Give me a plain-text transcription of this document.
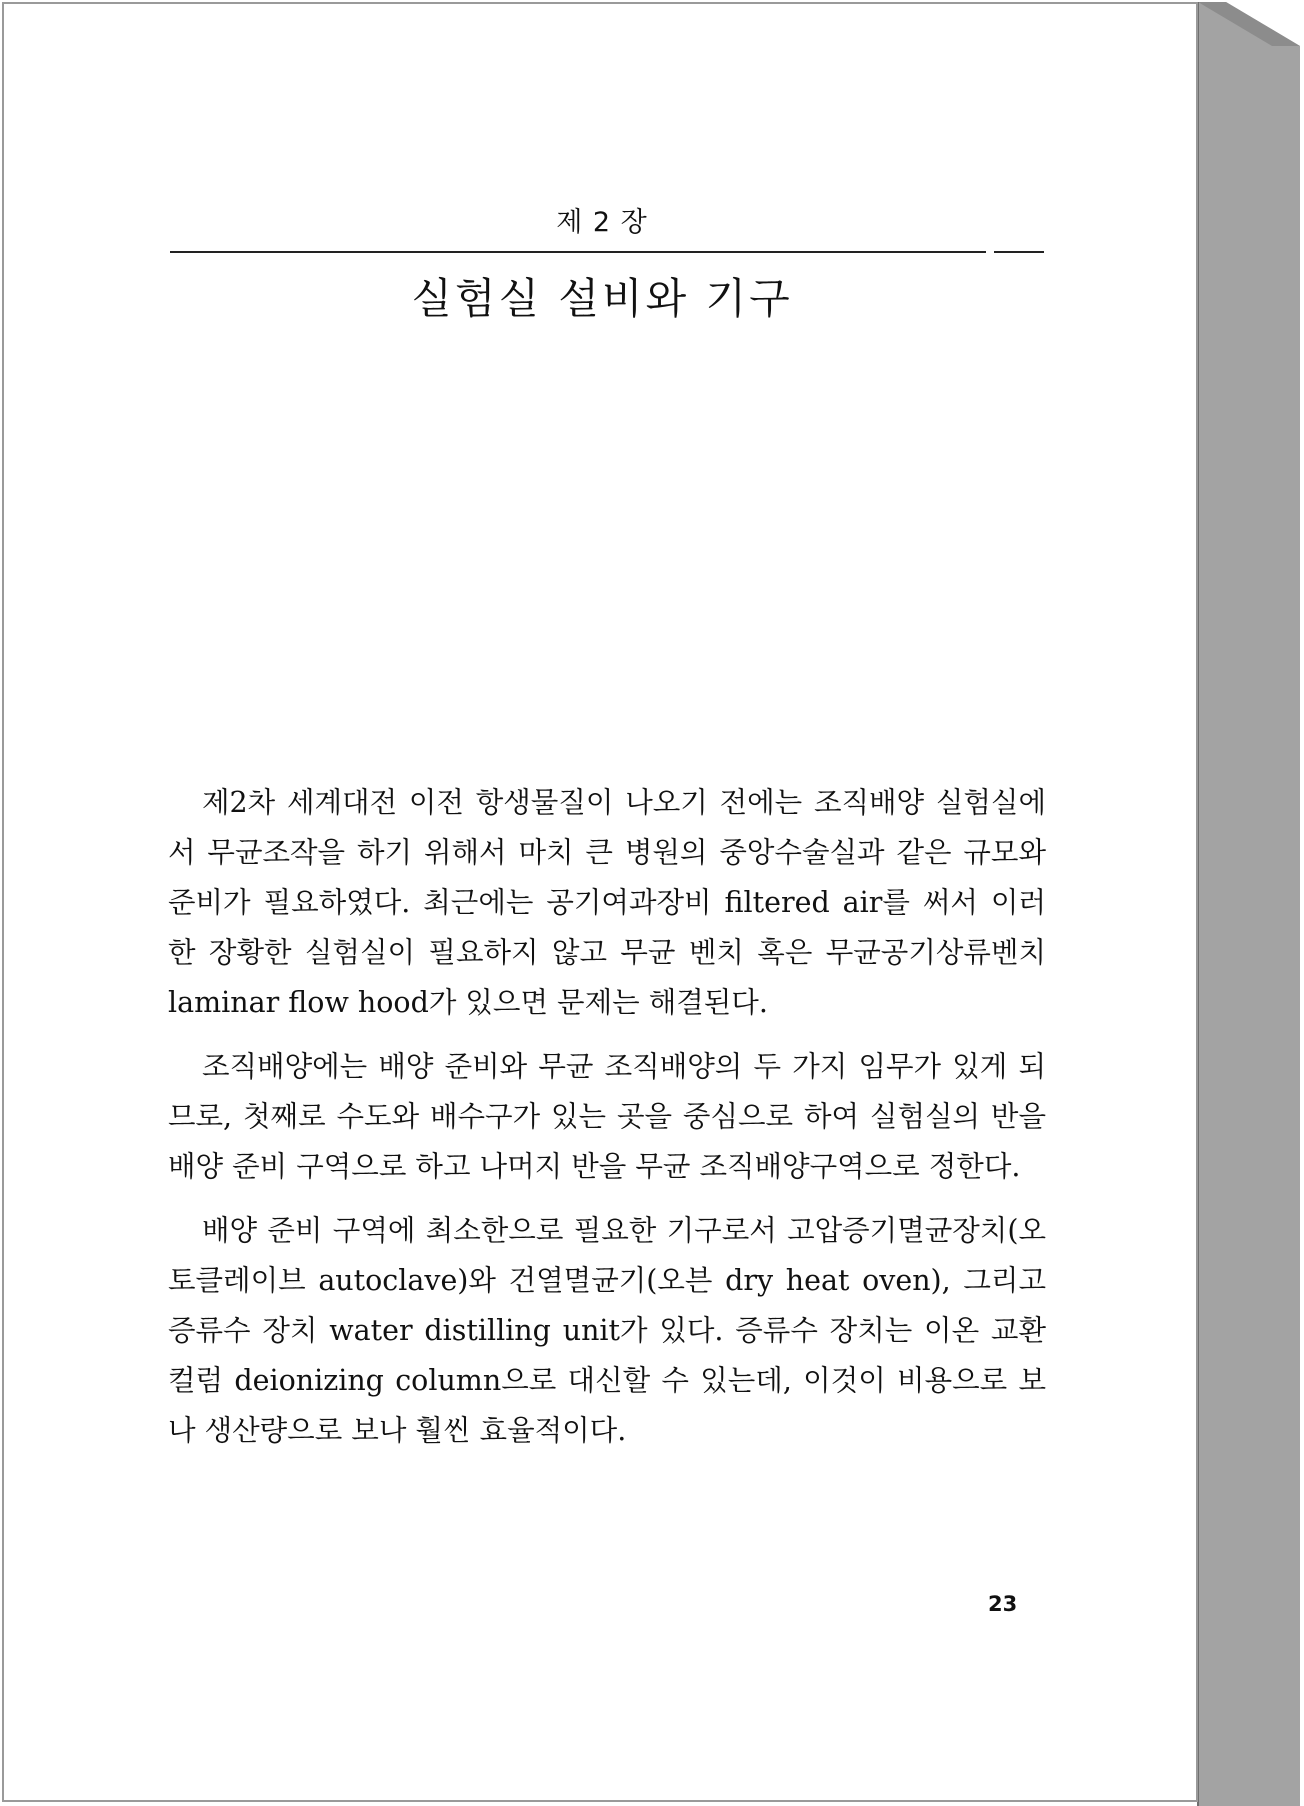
제 2 장
실험실 설비와 기구

제2차 세계대전 이전 항생물질이 나오기 전에는 조직배양 실험실에서 무균조작을 하기 위해서 마치 큰 병원의 중앙수술실과 같은 규모와 준비가 필요하였다. 최근에는 공기여과장비 filtered air를 써서 이러한 장황한 실험실이 필요하지 않고 무균 벤치 혹은 무균공기상류벤치 laminar flow hood가 있으면 문제는 해결된다.

조직배양에는 배양 준비와 무균 조직배양의 두 가지 임무가 있게 되므로, 첫째로 수도와 배수구가 있는 곳을 중심으로 하여 실험실의 반을 배양 준비 구역으로 하고 나머지 반을 무균 조직배양구역으로 정한다.

배양 준비 구역에 최소한으로 필요한 기구로서 고압증기멸균장치(오토클레이브 autoclave)와 건열멸균기(오븐 dry heat oven), 그리고 증류수 장치 water distilling unit가 있다. 증류수 장치는 이온 교환컬럼 deionizing column으로 대신할 수 있는데, 이것이 비용으로 보나 생산량으로 보나 훨씬 효율적이다.

23
